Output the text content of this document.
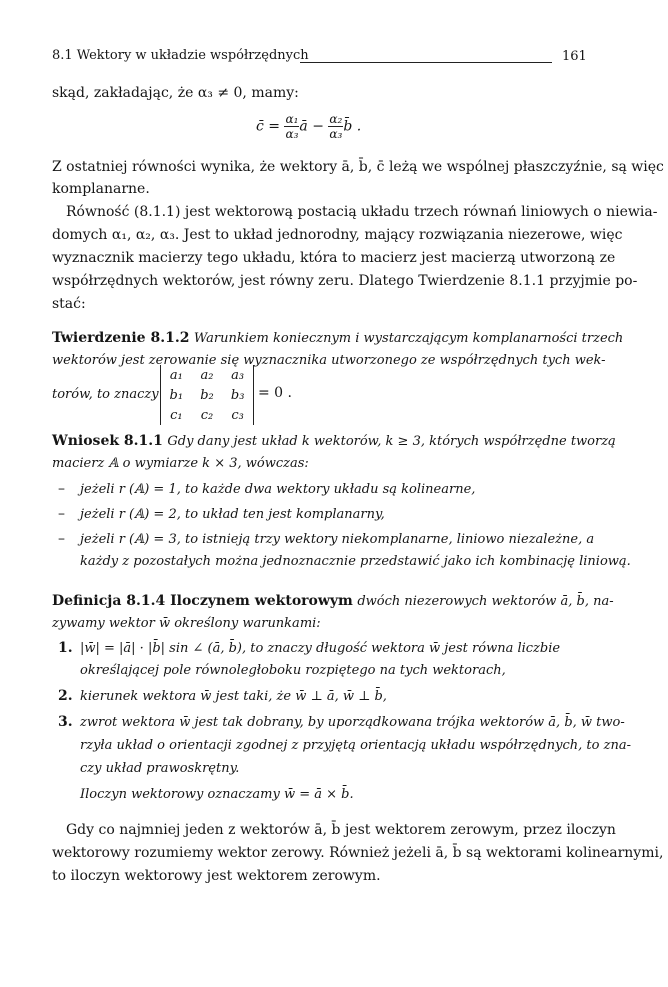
8.1 Wektory w układzie współrzędnych	161
skąd, zakładając, że α₃ ≠ 0, mamy:
c̄ = $\frac{\text{α₁}}{\text{α₃}}$ ā − $\frac{\text{α₂}}{\text{α₃}}$ b̄ .
Z ostatniej równości wynika, że wektory ā, b̄, c̄ leżą we wspólnej płaszczyźnie, są więc
komplanarne.
Równość (8.1.1) jest wektorową postacią układu trzech równań liniowych o niewia-
domych α₁, α₂, α₃. Jest to układ jednorodny, mający rozwiązania niezerowe, więc
wyznacznik macierzy tego układu, która to macierz jest macierzą utworzoną ze
współrzędnych wektorów, jest równy zeru. Dlatego Twierdzenie 8.1.1 przyjmie po-
stać:
Twierdzenie 8.1.2 Warunkiem koniecznym i wystarczającym komplanarności trzech
wektorów jest zerowanie się wyznacznika utworzonego ze współrzędnych tych wek-
torów, to znaczy
a₁	a₂	a₃
b₁	b₂	b₃
c₁	c₂	c₃
= 0 .
Wniosek 8.1.1 Gdy dany jest układ k wektorów, k ≥ 3, których współrzędne tworzą
macierz 𝔸 o wymiarze k × 3, wówczas:
– jeżeli r (𝔸) = 1, to każde dwa wektory układu są kolinearne,
– jeżeli r (𝔸) = 2, to układ ten jest komplanarny,
– jeżeli r (𝔸) = 3, to istnieją trzy wektory niekomplanarne, liniowo niezależne, a
każdy z pozostałych można jednoznacznie przedstawić jako ich kombinację liniową.
Definicja 8.1.4 Iloczynem wektorowym dwóch niezerowych wektorów ā, b̄, na-
zywamy wektor w̄ określony warunkami:
1. |w̄| = |ā| · |b̄| sin ∠ (ā, b̄), to znaczy długość wektora w̄ jest równa liczbie
określającej pole równoległoboku rozpiętego na tych wektorach,
2. kierunek wektora w̄ jest taki, że w̄ ⊥ ā, w̄ ⊥ b̄,
3. zwrot wektora w̄ jest tak dobrany, by uporządkowana trójka wektorów ā, b̄, w̄ two-
rzyła układ o orientacji zgodnej z przyjętą orientacją układu współrzędnych, to zna-
czy układ prawoskrętny.
Iloczyn wektorowy oznaczamy w̄ = ā × b̄.
Gdy co najmniej jeden z wektorów ā, b̄ jest wektorem zerowym, przez iloczyn
wektorowy rozumiemy wektor zerowy. Również jeżeli ā, b̄ są wektorami kolinearnymi,
to iloczyn wektorowy jest wektorem zerowym.
